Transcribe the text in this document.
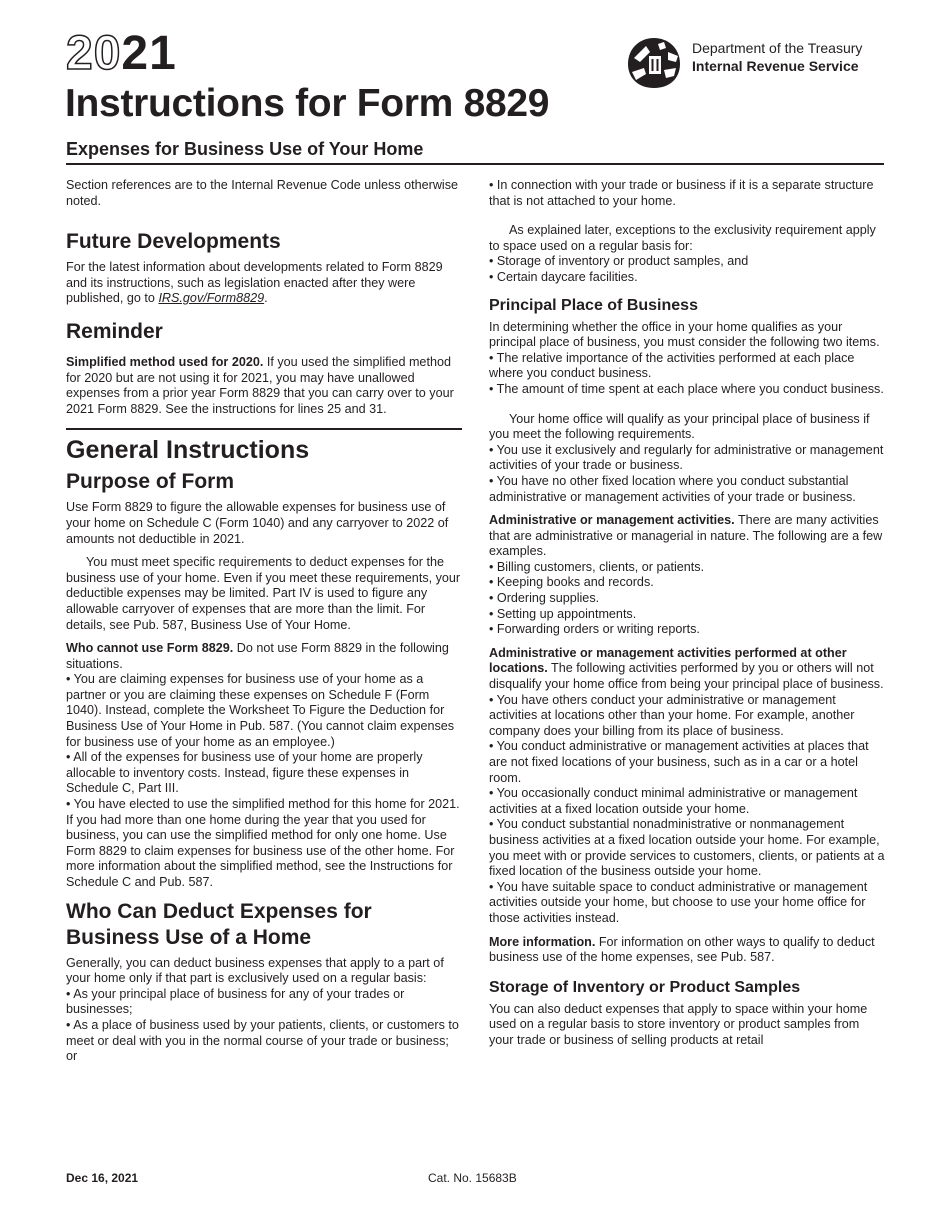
2021
Instructions for Form 8829
Expenses for Business Use of Your Home
Department of the Treasury
Internal Revenue Service

Section references are to the Internal Revenue Code unless otherwise noted.

Future Developments

For the latest information about developments related to Form 8829 and its instructions, such as legislation enacted after they were published, go to IRS.gov/Form8829.

Reminder

Simplified method used for 2020. If you used the simplified method for 2020 but are not using it for 2021, you may have unallowed expenses from a prior year Form 8829 that you can carry over to your 2021 Form 8829. See the instructions for lines 25 and 31.

General Instructions

Purpose of Form

Use Form 8829 to figure the allowable expenses for business use of your home on Schedule C (Form 1040) and any carryover to 2022 of amounts not deductible in 2021.

You must meet specific requirements to deduct expenses for the business use of your home. Even if you meet these requirements, your deductible expenses may be limited. Part IV is used to figure any allowable carryover of expenses that are more than the limit. For details, see Pub. 587, Business Use of Your Home.

Who cannot use Form 8829. Do not use Form 8829 in the following situations.

• You are claiming expenses for business use of your home as a partner or you are claiming these expenses on Schedule F (Form 1040). Instead, complete the Worksheet To Figure the Deduction for Business Use of Your Home in Pub. 587. (You cannot claim expenses for business use of your home as an employee.)

• All of the expenses for business use of your home are properly allocable to inventory costs. Instead, figure these expenses in Schedule C, Part III.

• You have elected to use the simplified method for this home for 2021. If you had more than one home during the year that you used for business, you can use the simplified method for only one home. Use Form 8829 to claim expenses for business use of the other home. For more information about the simplified method, see the Instructions for Schedule C and Pub. 587.

Who Can Deduct Expenses for Business Use of a Home

Generally, you can deduct business expenses that apply to a part of your home only if that part is exclusively used on a regular basis:

• As your principal place of business for any of your trades or businesses;

• As a place of business used by your patients, clients, or customers to meet or deal with you in the normal course of your trade or business; or

• In connection with your trade or business if it is a separate structure that is not attached to your home.

As explained later, exceptions to the exclusivity requirement apply to space used on a regular basis for:

• Storage of inventory or product samples, and

• Certain daycare facilities.

Principal Place of Business

In determining whether the office in your home qualifies as your principal place of business, you must consider the following two items.

• The relative importance of the activities performed at each place where you conduct business.

• The amount of time spent at each place where you conduct business.

Your home office will qualify as your principal place of business if you meet the following requirements.

• You use it exclusively and regularly for administrative or management activities of your trade or business.

• You have no other fixed location where you conduct substantial administrative or management activities of your trade or business.

Administrative or management activities. There are many activities that are administrative or managerial in nature. The following are a few examples.

• Billing customers, clients, or patients.

• Keeping books and records.

• Ordering supplies.

• Setting up appointments.

• Forwarding orders or writing reports.

Administrative or management activities performed at other locations. The following activities performed by you or others will not disqualify your home office from being your principal place of business.

• You have others conduct your administrative or management activities at locations other than your home. For example, another company does your billing from its place of business.

• You conduct administrative or management activities at places that are not fixed locations of your business, such as in a car or a hotel room.

• You occasionally conduct minimal administrative or management activities at a fixed location outside your home.

• You conduct substantial nonadministrative or nonmanagement business activities at a fixed location outside your home. For example, you meet with or provide services to customers, clients, or patients at a fixed location of the business outside your home.

• You have suitable space to conduct administrative or management activities outside your home, but choose to use your home office for those activities instead.

More information. For information on other ways to qualify to deduct business use of the home expenses, see Pub. 587.

Storage of Inventory or Product Samples

You can also deduct expenses that apply to space within your home used on a regular basis to store inventory or product samples from your trade or business of selling products at retail

Dec 16, 2021	Cat. No. 15683B
